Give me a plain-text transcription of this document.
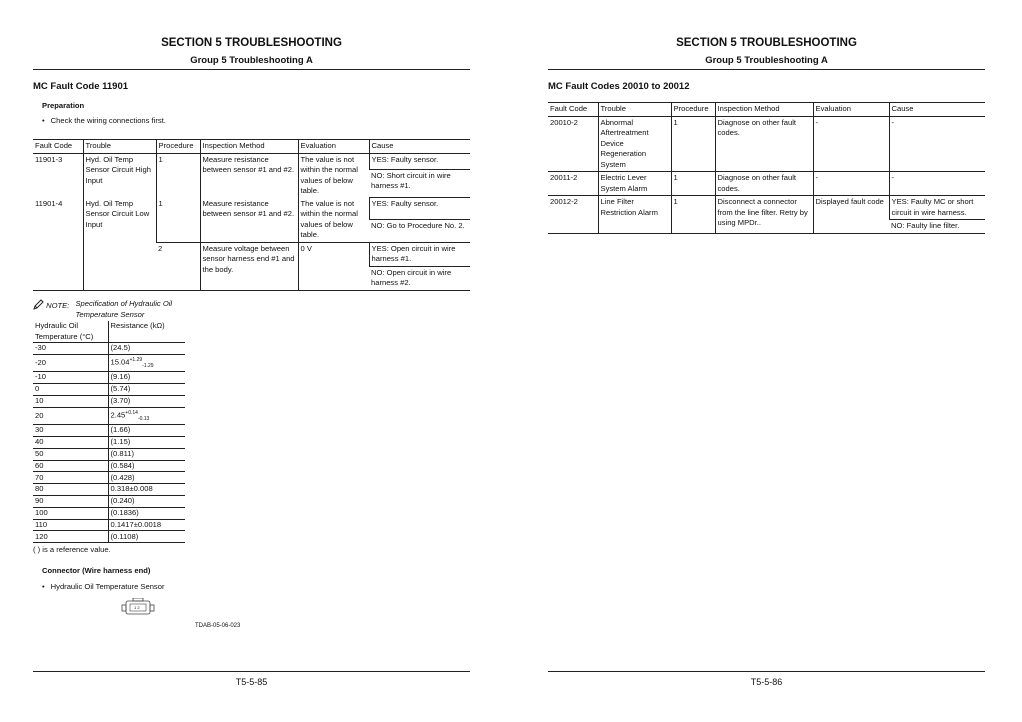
SECTION 5 TROUBLESHOOTING
Group 5 Troubleshooting A
MC Fault Code 11901
Preparation
• Check the wiring connections first.
Fault Code	Trouble	Procedure	Inspection Method	Evaluation	Cause
11901-3	Hyd. Oil Temp Sensor Circuit High Input	1	Measure resistance between sensor #1 and #2.	The value is not within the normal values of below table.	YES: Faulty sensor.
					NO: Short circuit in wire harness #1.
11901-4	Hyd. Oil Temp Sensor Circuit Low Input	1	Measure resistance between sensor #1 and #2.	The value is not within the normal values of below table.	YES: Faulty sensor.
					NO: Go to Procedure No. 2.
		2	Measure voltage between sensor harness end #1 and the body.	0 V	YES: Open circuit in wire harness #1.
					NO: Open circuit in wire harness #2.
NOTE: Specification of Hydraulic Oil Temperature Sensor
Hydraulic Oil Temperature (°C)	Resistance (kΩ)
-30	(24.5)
-20	$15.04^{+1.29}_{-1.29}$
-10	(9.16)
0	(5.74)
10	(3.70)
20	$2.45^{+0.14}_{-0.13}$
30	(1.66)
40	(1.15)
50	(0.811)
60	(0.584)
70	(0.428)
80	0.318±0.008
90	(0.240)
100	(0.1836)
110	0.1417±0.0018
120	(0.1108)
( ) is a reference value.
Connector (Wire harness end)
• Hydraulic Oil Temperature Sensor
1 2
TDAB-05-06-023
T5-5-85
SECTION 5 TROUBLESHOOTING
Group 5 Troubleshooting A
MC Fault Codes 20010 to 20012
Fault Code	Trouble	Procedure	Inspection Method	Evaluation	Cause
20010-2	Abnormal Aftertreatment Device Regeneration System	1	Diagnose on other fault codes.	-	-
20011-2	Electric Lever System Alarm	1	Diagnose on other fault codes.	-	-
20012-2	Line Filter Restriction Alarm	1	Disconnect a connector from the line filter. Retry by using MPDr..	Displayed fault code	YES: Faulty MC or short circuit in wire harness.
					NO: Faulty line filter.
T5-5-86
